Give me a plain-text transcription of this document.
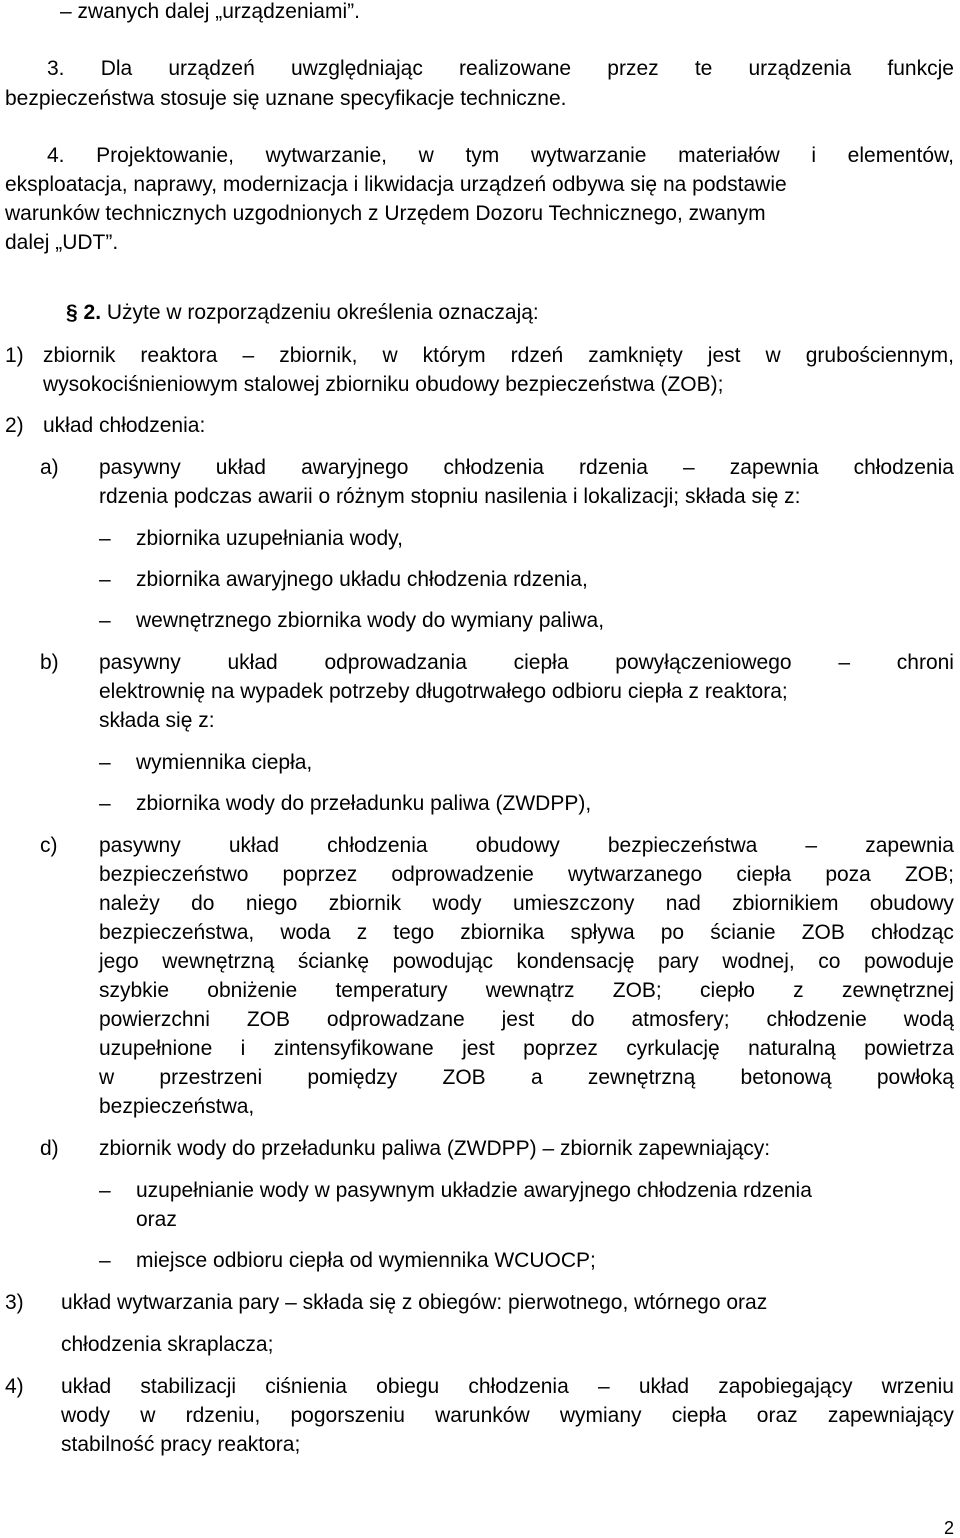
– zwanych dalej „urządzeniami”.
3. Dla urządzeń uwzględniając realizowane przez te urządzenia funkcje
bezpieczeństwa stosuje się uznane specyfikacje techniczne.
4. Projektowanie, wytwarzanie, w tym wytwarzanie materiałów i elementów,
eksploatacja, naprawy, modernizacja i likwidacja urządzeń odbywa się na podstawie
warunków technicznych uzgodnionych z Urzędem Dozoru Technicznego, zwanym
dalej „UDT”.
§ 2. Użyte w rozporządzeniu określenia oznaczają:
1) zbiornik reaktora – zbiornik, w którym rdzeń zamknięty jest w grubościennym,
wysokociśnieniowym stalowej zbiorniku obudowy bezpieczeństwa (ZOB);
2) układ chłodzenia:
a) pasywny układ awaryjnego chłodzenia rdzenia – zapewnia chłodzenia
rdzenia podczas awarii o różnym stopniu nasilenia i lokalizacji; składa się z:
– zbiornika uzupełniania wody,
– zbiornika awaryjnego układu chłodzenia rdzenia,
– wewnętrznego zbiornika wody do wymiany paliwa,
b) pasywny układ odprowadzania ciepła powyłączeniowego – chroni
elektrownię na wypadek potrzeby długotrwałego odbioru ciepła z reaktora;
składa się z:
– wymiennika ciepła,
– zbiornika wody do przeładunku paliwa (ZWDPP),
c) pasywny układ chłodzenia obudowy bezpieczeństwa – zapewnia
bezpieczeństwo poprzez odprowadzenie wytwarzanego ciepła poza ZOB;
należy do niego zbiornik wody umieszczony nad zbiornikiem obudowy
bezpieczeństwa, woda z tego zbiornika spływa po ścianie ZOB chłodząc
jego wewnętrzną ściankę powodując kondensację pary wodnej, co powoduje
szybkie obniżenie temperatury wewnątrz ZOB; ciepło z zewnętrznej
powierzchni ZOB odprowadzane jest do atmosfery; chłodzenie wodą
uzupełnione i zintensyfikowane jest poprzez cyrkulację naturalną powietrza
w przestrzeni pomiędzy ZOB a zewnętrzną betonową powłoką
bezpieczeństwa,
d) zbiornik wody do przeładunku paliwa (ZWDPP) – zbiornik zapewniający:
– uzupełnianie wody w pasywnym układzie awaryjnego chłodzenia rdzenia
oraz
– miejsce odbioru ciepła od wymiennika WCUOCP;
3) układ wytwarzania pary – składa się z obiegów: pierwotnego, wtórnego oraz
chłodzenia skraplacza;
4) układ stabilizacji ciśnienia obiegu chłodzenia – układ zapobiegający wrzeniu
wody w rdzeniu, pogorszeniu warunków wymiany ciepła oraz zapewniający
stabilność pracy reaktora;
2
